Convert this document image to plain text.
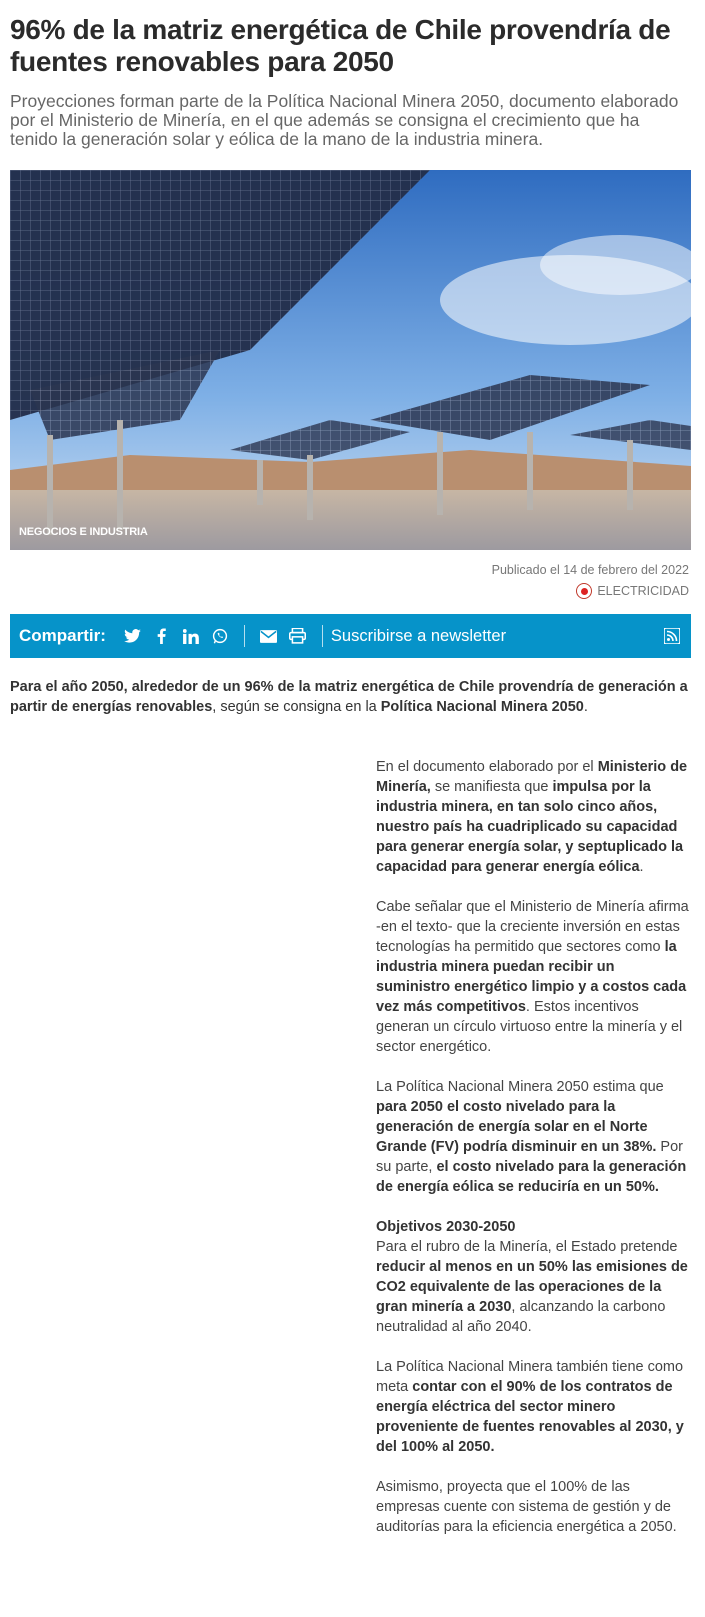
96% de la matriz energética de Chile provendría de fuentes renovables para 2050

Proyecciones forman parte de la Política Nacional Minera 2050, documento elaborado por el Ministerio de Minería, en el que además se consigna el crecimiento que ha tenido la generación solar y eólica de la mano de la industria minera.

NEGOCIOS E INDUSTRIA
Publicado el 14 de febrero del 2022
ELECTRICIDAD
Compartir:	Suscribirse a newsletter

Para el año 2050, alrededor de un 96% de la matriz energética de Chile provendría de generación a partir de energías renovables, según se consigna en la Política Nacional Minera 2050.

En el documento elaborado por el Ministerio de Minería, se manifiesta que impulsa por la industria minera, en tan solo cinco años, nuestro país ha cuadriplicado su capacidad para generar energía solar, y septuplicado la capacidad para generar energía eólica.

Cabe señalar que el Ministerio de Minería afirma -en el texto- que la creciente inversión en estas tecnologías ha permitido que sectores como la industria minera puedan recibir un suministro energético limpio y a costos cada vez más competitivos. Estos incentivos generan un círculo virtuoso entre la minería y el sector energético.

La Política Nacional Minera 2050 estima que para 2050 el costo nivelado para la generación de energía solar en el Norte Grande (FV) podría disminuir en un 38%. Por su parte, el costo nivelado para la generación de energía eólica se reduciría en un 50%.

Objetivos 2030-2050
Para el rubro de la Minería, el Estado pretende reducir al menos en un 50% las emisiones de CO2 equivalente de las operaciones de la gran minería a 2030, alcanzando la carbono neutralidad al año 2040.

La Política Nacional Minera también tiene como meta contar con el 90% de los contratos de energía eléctrica del sector minero proveniente de fuentes renovables al 2030, y del 100% al 2050.

Asimismo, proyecta que el 100% de las empresas cuente con sistema de gestión y de auditorías para la eficiencia energética a 2050.
